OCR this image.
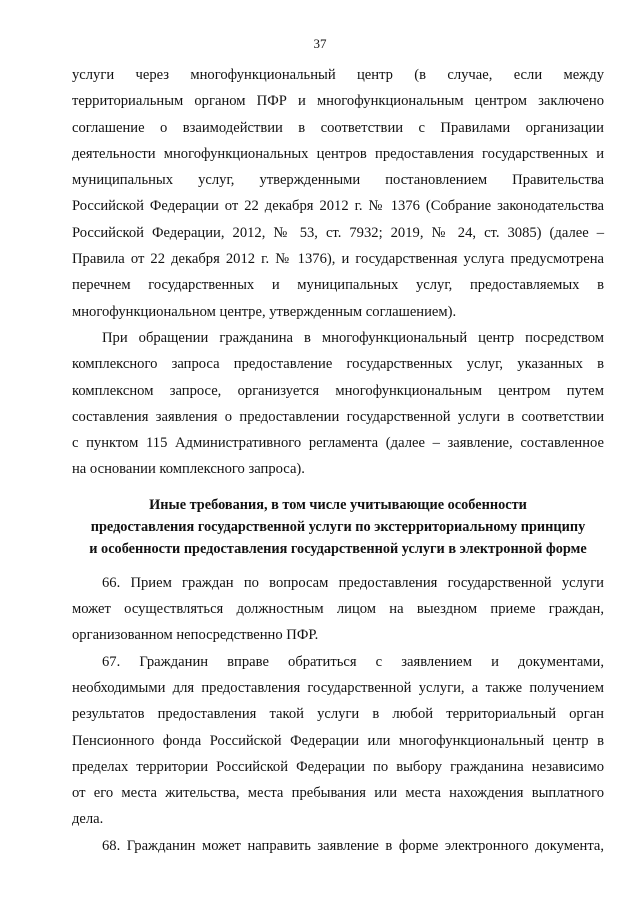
37
услуги через многофункциональный центр (в случае, если между
территориальным органом ПФР и многофункциональным центром заключено
соглашение о взаимодействии в соответствии с Правилами организации
деятельности многофункциональных центров предоставления государственных и
муниципальных услуг, утвержденными постановлением Правительства
Российской Федерации от 22 декабря 2012 г. № 1376 (Собрание законодательства
Российской Федерации, 2012, № 53, ст. 7932; 2019, № 24, ст. 3085) (далее –
Правила от 22 декабря 2012 г. № 1376), и государственная услуга предусмотрена
перечнем государственных и муниципальных услуг, предоставляемых в
многофункциональном центре, утвержденным соглашением).
При обращении гражданина в многофункциональный центр посредством
комплексного запроса предоставление государственных услуг, указанных в
комплексном запросе, организуется многофункциональным центром путем
составления заявления о предоставлении государственной услуги в соответствии
с пунктом 115 Административного регламента (далее – заявление, составленное
на основании комплексного запроса).
Иные требования, в том числе учитывающие особенности
предоставления государственной услуги по экстерриториальному принципу
и особенности предоставления государственной услуги в электронной форме
66. Прием граждан по вопросам предоставления государственной услуги
может осуществляться должностным лицом на выездном приеме граждан,
организованном непосредственно ПФР.
67. Гражданин вправе обратиться с заявлением и документами,
необходимыми для предоставления государственной услуги, а также получением
результатов предоставления такой услуги в любой территориальный орган
Пенсионного фонда Российской Федерации или многофункциональный центр в
пределах территории Российской Федерации по выбору гражданина независимо
от его места жительства, места пребывания или места нахождения выплатного
дела.
68. Гражданин может направить заявление в форме электронного документа,
